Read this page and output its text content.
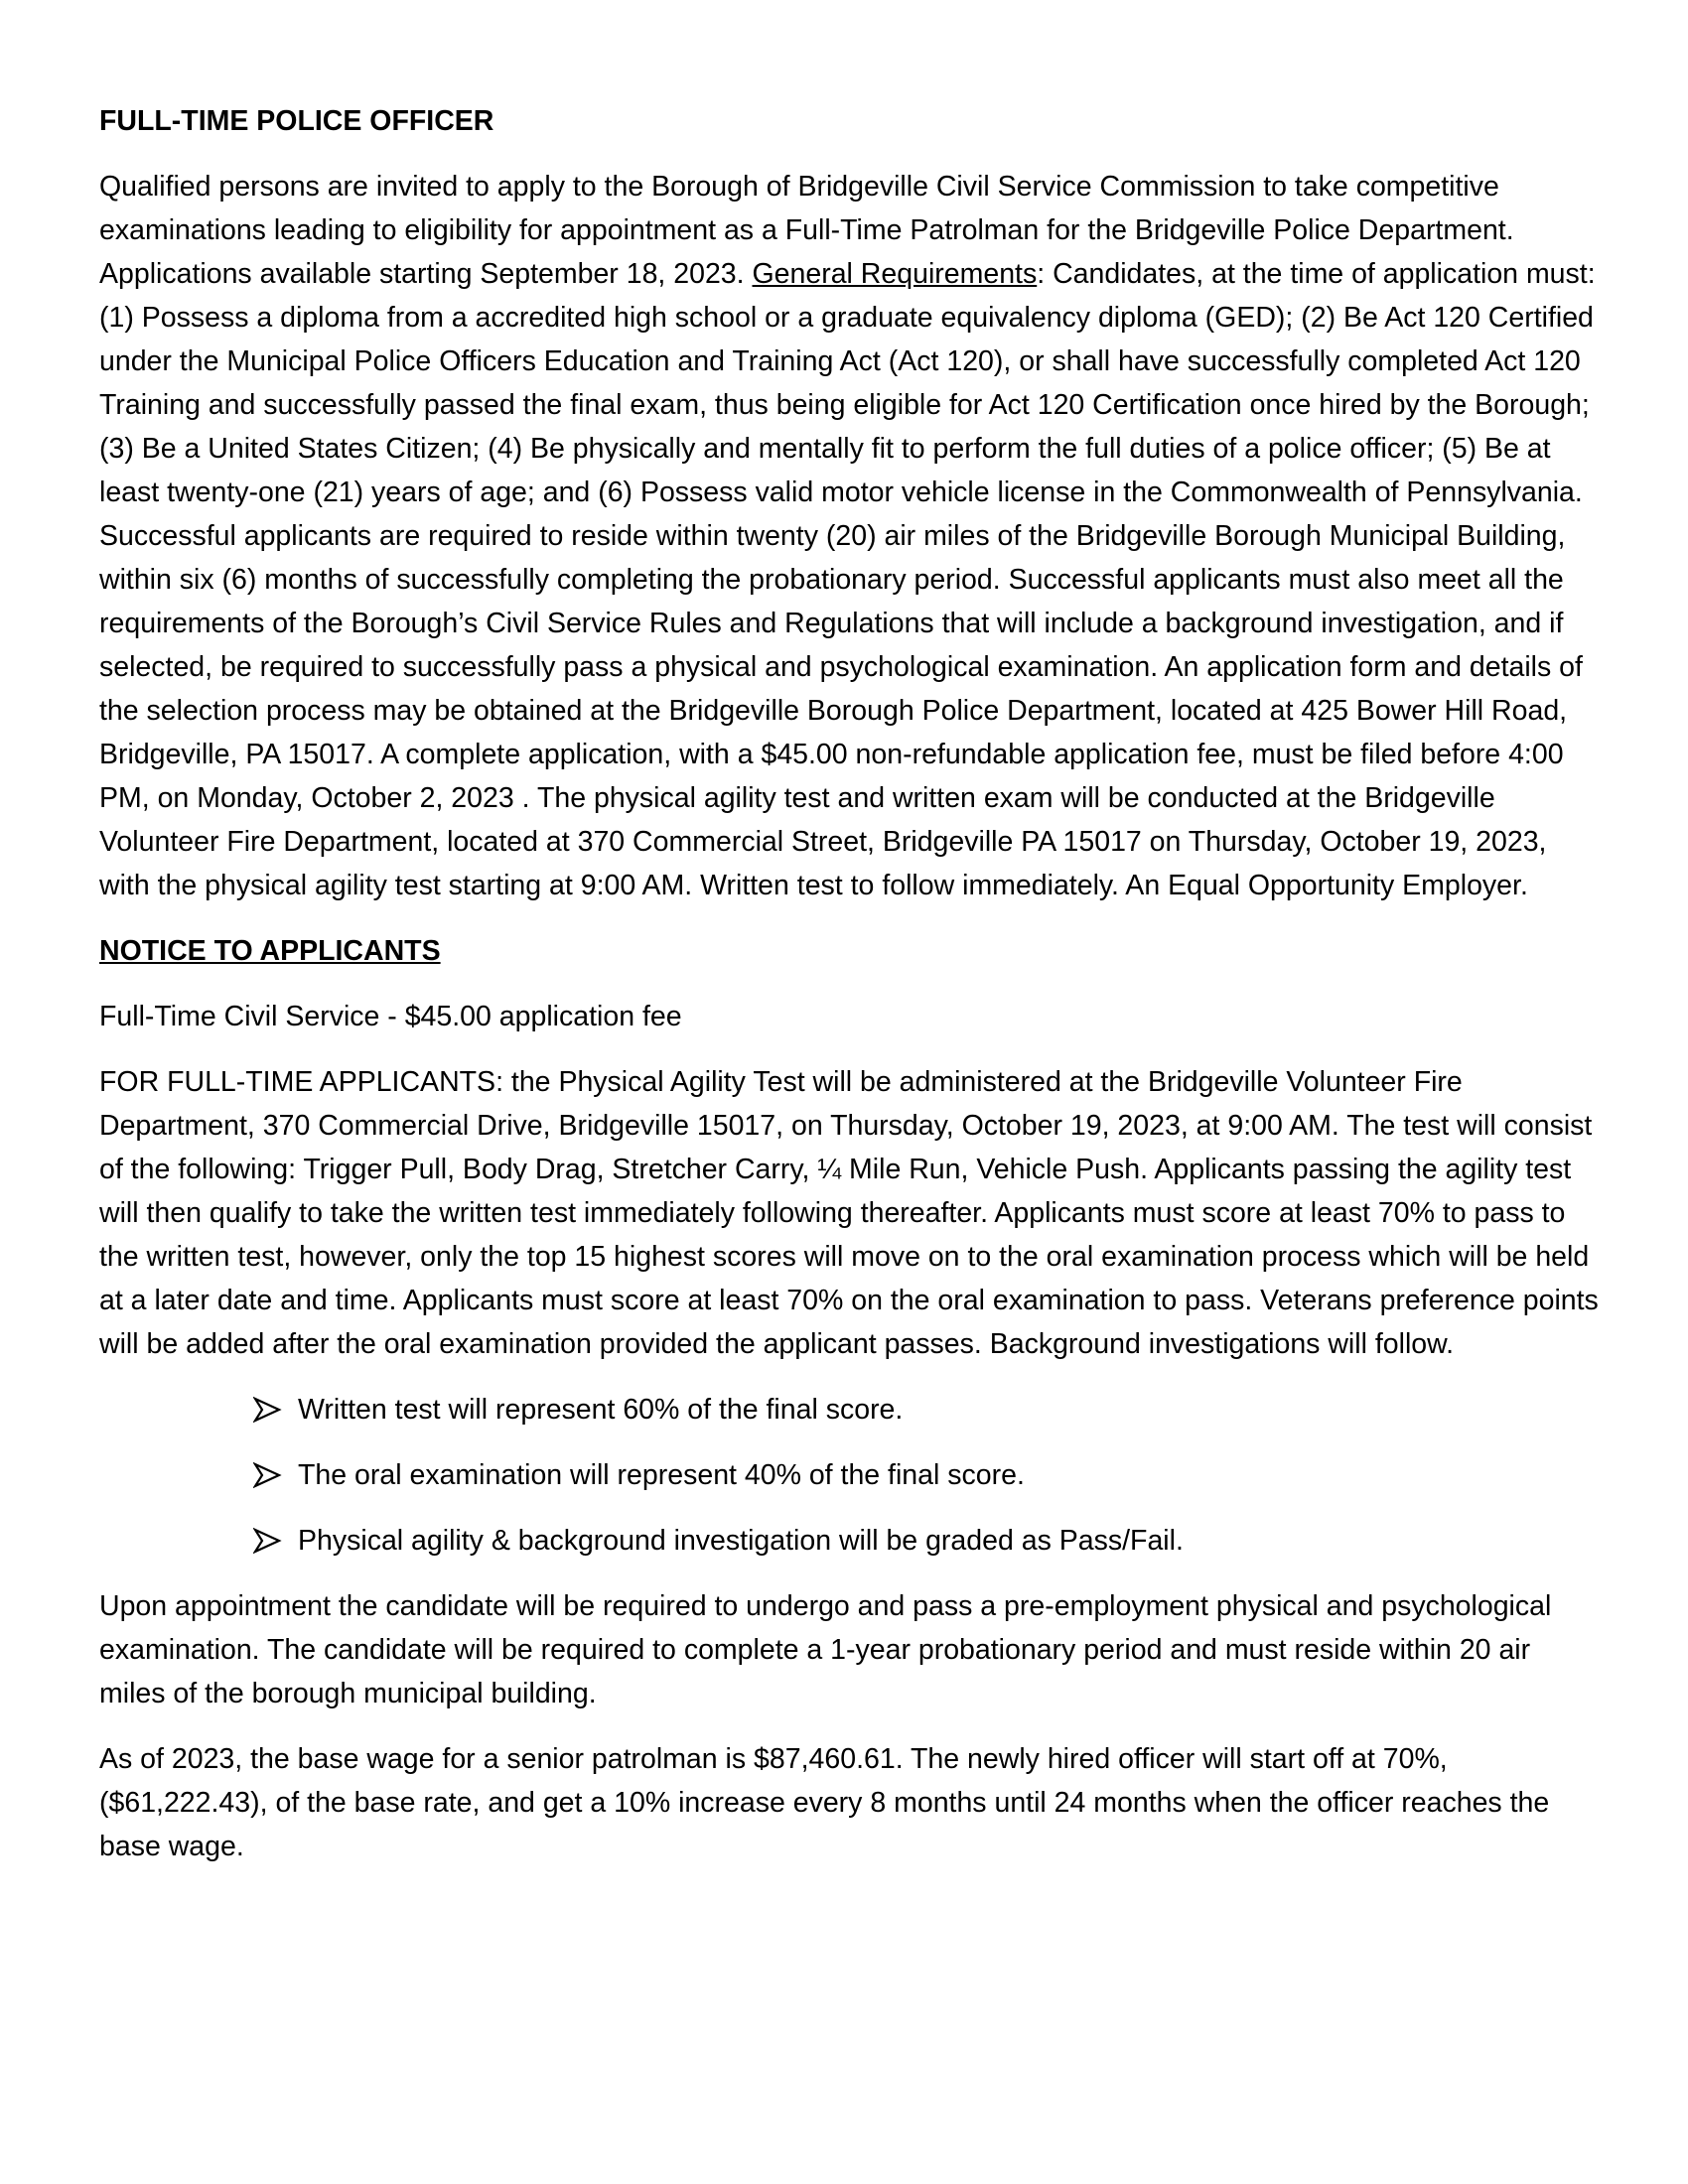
FULL-TIME POLICE OFFICER

Qualified persons are invited to apply to the Borough of Bridgeville Civil Service Commission to take competitive examinations leading to eligibility for appointment as a Full-Time Patrolman for the Bridgeville Police Department. Applications available starting September 18, 2023. General Requirements: Candidates, at the time of application must: (1) Possess a diploma from a accredited high school or a graduate equivalency diploma (GED); (2) Be Act 120 Certified under the Municipal Police Officers Education and Training Act (Act 120), or shall have successfully completed Act 120 Training and successfully passed the final exam, thus being eligible for Act 120 Certification once hired by the Borough; (3) Be a United States Citizen; (4) Be physically and mentally fit to perform the full duties of a police officer; (5) Be at least twenty-one (21) years of age; and (6) Possess valid motor vehicle license in the Commonwealth of Pennsylvania. Successful applicants are required to reside within twenty (20) air miles of the Bridgeville Borough Municipal Building, within six (6) months of successfully completing the probationary period. Successful applicants must also meet all the requirements of the Borough’s Civil Service Rules and Regulations that will include a background investigation, and if selected, be required to successfully pass a physical and psychological examination. An application form and details of the selection process may be obtained at the Bridgeville Borough Police Department, located at 425 Bower Hill Road, Bridgeville, PA 15017. A complete application, with a $45.00 non-refundable application fee, must be filed before 4:00 PM, on Monday, October 2, 2023 . The physical agility test and written exam will be conducted at the Bridgeville Volunteer Fire Department, located at 370 Commercial Street, Bridgeville PA 15017 on Thursday, October 19, 2023, with the physical agility test starting at 9:00 AM. Written test to follow immediately. An Equal Opportunity Employer.

NOTICE TO APPLICANTS

Full-Time Civil Service - $45.00 application fee

FOR FULL-TIME APPLICANTS: the Physical Agility Test will be administered at the Bridgeville Volunteer Fire Department, 370 Commercial Drive, Bridgeville 15017, on Thursday, October 19, 2023, at 9:00 AM. The test will consist of the following: Trigger Pull, Body Drag, Stretcher Carry, ¼ Mile Run, Vehicle Push. Applicants passing the agility test will then qualify to take the written test immediately following thereafter. Applicants must score at least 70% to pass to the written test, however, only the top 15 highest scores will move on to the oral examination process which will be held at a later date and time. Applicants must score at least 70% on the oral examination to pass. Veterans preference points will be added after the oral examination provided the applicant passes. Background investigations will follow.

Written test will represent 60% of the final score.
The oral examination will represent 40% of the final score.
Physical agility & background investigation will be graded as Pass/Fail.

Upon appointment the candidate will be required to undergo and pass a pre-employment physical and psychological examination. The candidate will be required to complete a 1-year probationary period and must reside within 20 air miles of the borough municipal building.

As of 2023, the base wage for a senior patrolman is $87,460.61. The newly hired officer will start off at 70%, ($61,222.43), of the base rate, and get a 10% increase every 8 months until 24 months when the officer reaches the base wage.
